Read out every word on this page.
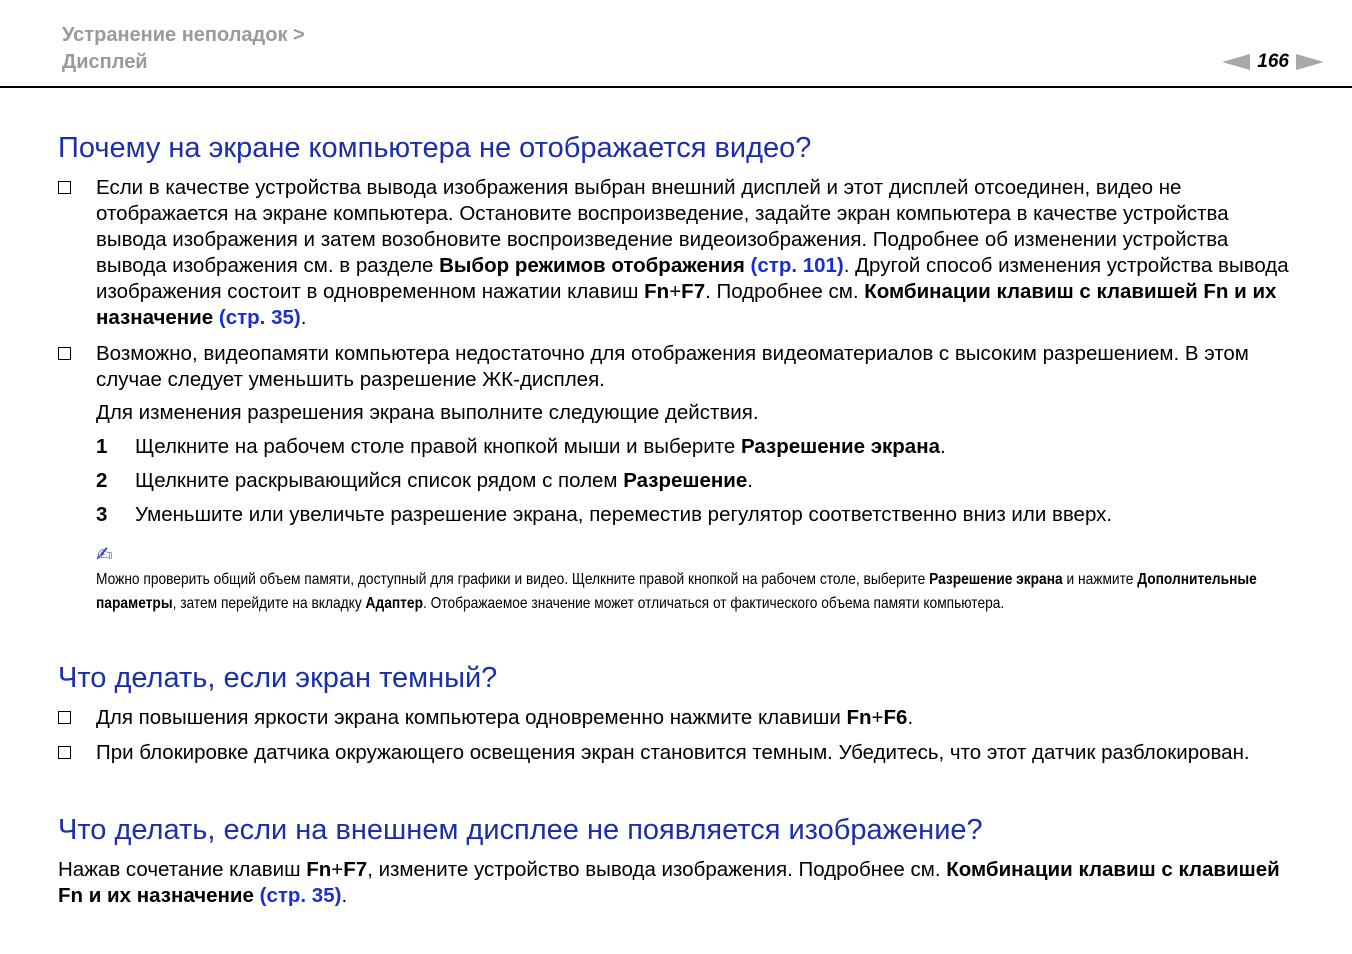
Устранение неполадок >
Дисплей	166
Почему на экране компьютера не отображается видео?
Если в качестве устройства вывода изображения выбран внешний дисплей и этот дисплей отсоединен, видео не отображается на экране компьютера. Остановите воспроизведение, задайте экран компьютера в качестве устройства вывода изображения и затем возобновите воспроизведение видеоизображения. Подробнее об изменении устройства вывода изображения см. в разделе Выбор режимов отображения (стр. 101). Другой способ изменения устройства вывода изображения состоит в одновременном нажатии клавиш Fn+F7. Подробнее см. Комбинации клавиш с клавишей Fn и их назначение (стр. 35).
Возможно, видеопамяти компьютера недостаточно для отображения видеоматериалов с высоким разрешением. В этом случае следует уменьшить разрешение ЖК-дисплея.
Для изменения разрешения экрана выполните следующие действия.
1 Щелкните на рабочем столе правой кнопкой мыши и выберите Разрешение экрана.
2 Щелкните раскрывающийся список рядом с полем Разрешение.
3 Уменьшите или увеличьте разрешение экрана, переместив регулятор соответственно вниз или вверх.
✍
Можно проверить общий объем памяти, доступный для графики и видео. Щелкните правой кнопкой на рабочем столе, выберите Разрешение экрана и нажмите Дополнительные параметры, затем перейдите на вкладку Адаптер. Отображаемое значение может отличаться от фактического объема памяти компьютера.
Что делать, если экран темный?
Для повышения яркости экрана компьютера одновременно нажмите клавиши Fn+F6.
При блокировке датчика окружающего освещения экран становится темным. Убедитесь, что этот датчик разблокирован.
Что делать, если на внешнем дисплее не появляется изображение?
Нажав сочетание клавиш Fn+F7, измените устройство вывода изображения. Подробнее см. Комбинации клавиш с клавишей Fn и их назначение (стр. 35).
